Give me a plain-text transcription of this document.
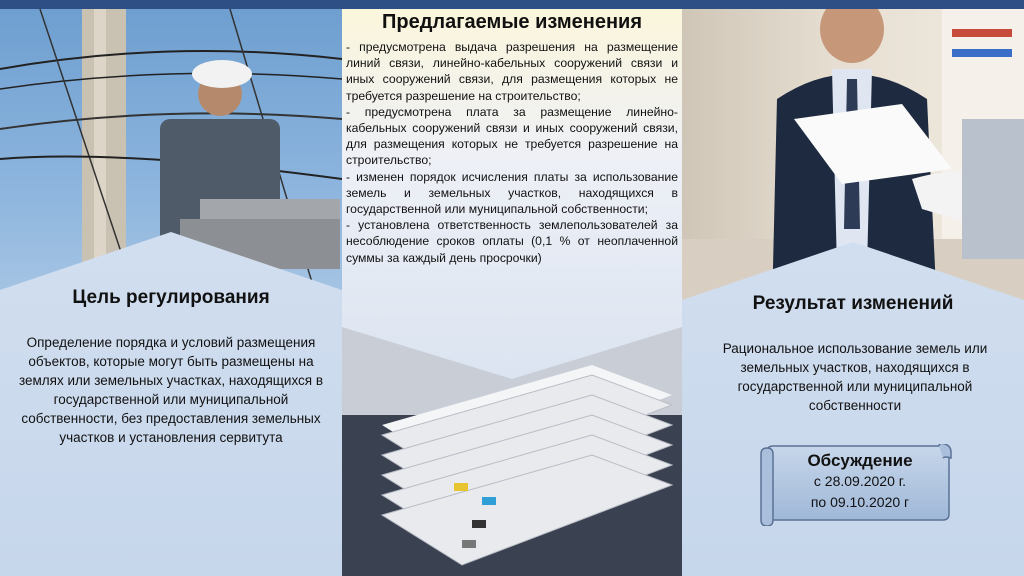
Предлагаемые изменения

- предусмотрена выдача разрешения на размещение линий связи, линейно-кабельных сооружений связи и иных сооружений связи, для размещения которых не требуется разрешение на строительство;

- предусмотрена плата за размещение линейно-кабельных сооружений связи и иных сооружений связи, для размещения которых не требуется разрешение на строительство;

- изменен порядок исчисления платы за использование земель и земельных участков, находящихся в государственной или муниципальной собственности;

- установлена ответственность землепользователей за несоблюдение сроков оплаты (0,1 % от неоплаченной суммы за каждый день просрочки)

Цель регулирования
Определение порядка и условий размещения объектов, которые могут быть размещены на землях или земельных участках, находящихся в государственной или муниципальной собственности, без предоставления земельных участков и установления сервитута
Результат изменений
Рациональное использование земель или земельных участков, находящихся в государственной или муниципальной собственности
Обсуждение
с 28.09.2020 г.
по 09.10.2020 г
